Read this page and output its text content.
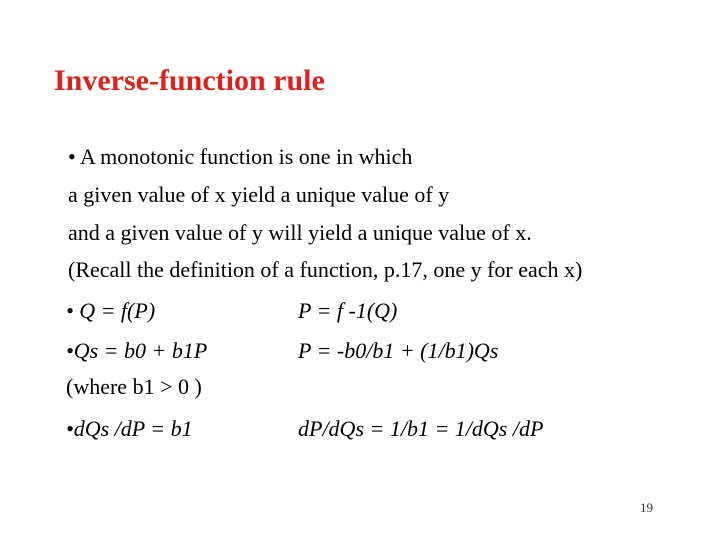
Inverse-function rule
• A monotonic function is one in which
a given value of x yield a unique value of y
and a given value of y will yield a unique value of x.
(Recall the definition of a function, p.17, one y for each x)
• Q = f(P)	P = f -1(Q)
•Qs = b0 + b1P	P = -b0/b1 + (1/b1)Qs
(where b1 > 0 )
•dQs /dP = b1	dP/dQs = 1/b1 = 1/dQs /dP
19
